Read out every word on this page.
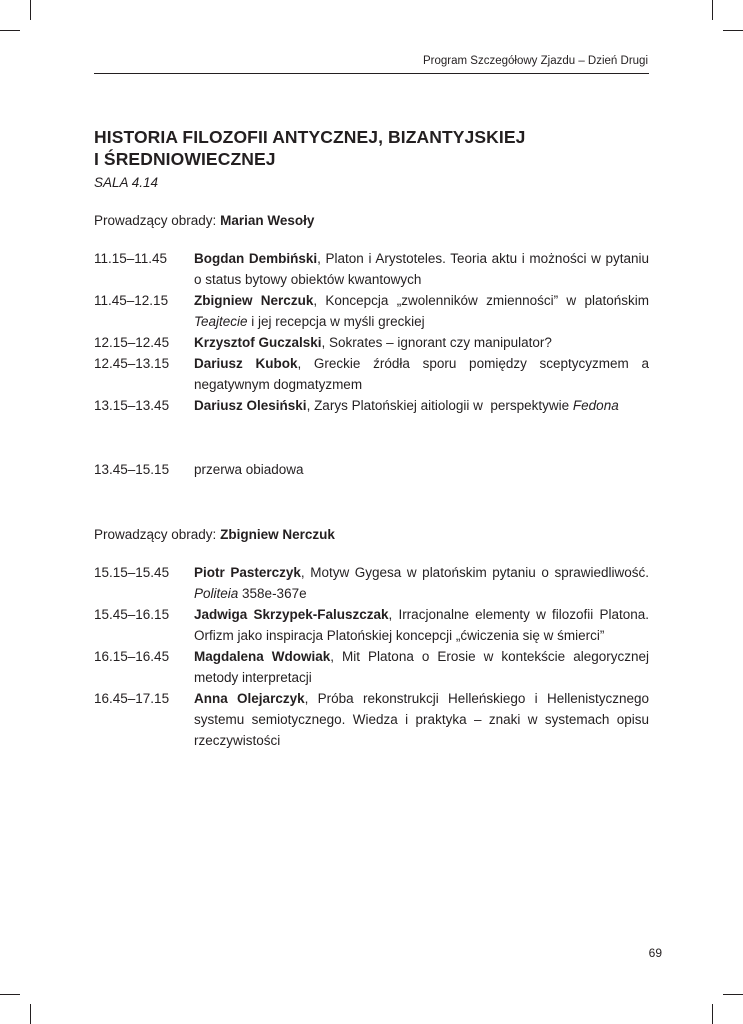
Program Szczegółowy Zjazdu – Dzień Drugi
HISTORIA FILOZOFII ANTYCZNEJ, BIZANTYJSKIEJ
I ŚREDNIOWIECZNEJ
SALA 4.14
Prowadzący obrady: Marian Wesoły
11.15–11.45	Bogdan Dembiński, Platon i Arystoteles. Teoria aktu i możności w pytaniu o status bytowy obiektów kwantowych
11.45–12.15	Zbigniew Nerczuk, Koncepcja „zwolenników zmienności” w platońskim Teajtecie i jej recepcja w myśli greckiej
12.15–12.45	Krzysztof Guczalski, Sokrates – ignorant czy manipulator?
12.45–13.15	Dariusz Kubok, Greckie źródła sporu pomiędzy sceptycyzmem a negatywnym dogmatyzmem
13.15–13.45	Dariusz Olesiński, Zarys Platońskiej aitiologii w  perspektywie Fedona
13.45–15.15	przerwa obiadowa
Prowadzący obrady: Zbigniew Nerczuk
15.15–15.45	Piotr Pasterczyk, Motyw Gygesa w platońskim pytaniu o sprawiedliwość. Politeia 358e-367e
15.45–16.15	Jadwiga Skrzypek-Faluszczak, Irracjonalne elementy w filozofii Platona. Orfizm jako inspiracja Platońskiej koncepcji „ćwiczenia się w śmierci”
16.15–16.45	Magdalena Wdowiak, Mit Platona o Erosie w kontekście alegorycznej metody interpretacji
16.45–17.15	Anna Olejarczyk, Próba rekonstrukcji Helleńskiego i Hellenistycznego systemu semiotycznego. Wiedza i praktyka – znaki w systemach opisu rzeczywistości
69
